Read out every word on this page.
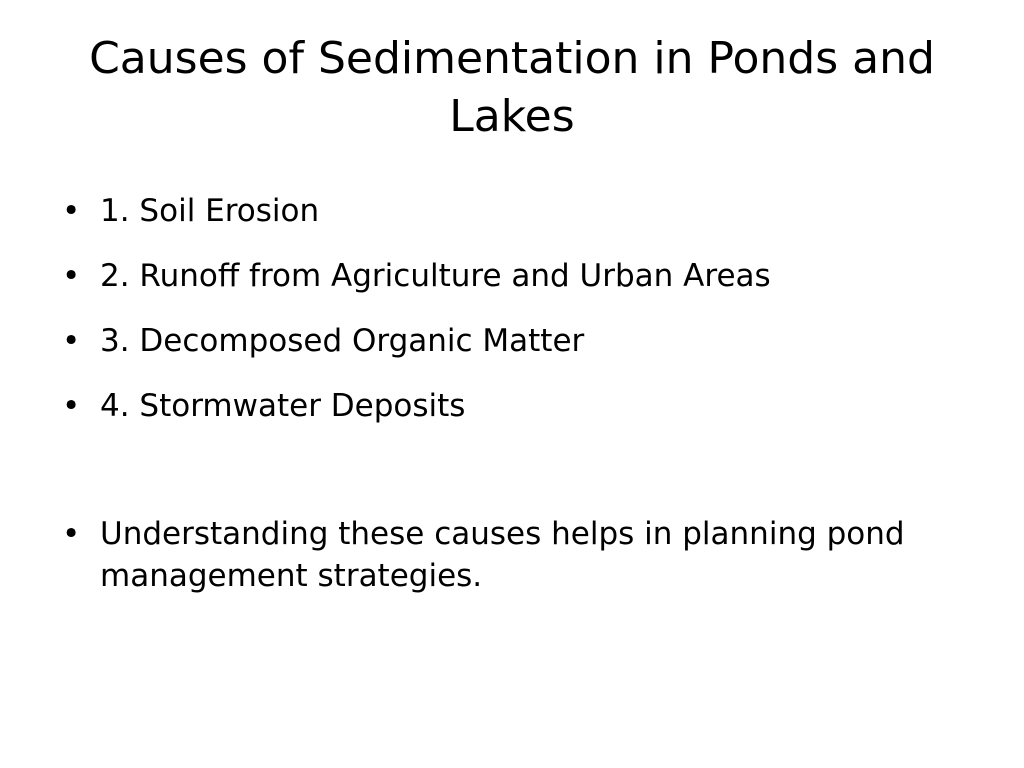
Causes of Sedimentation in Ponds and Lakes
• 1. Soil Erosion
• 2. Runoff from Agriculture and Urban Areas
• 3. Decomposed Organic Matter
• 4. Stormwater Deposits
• Understanding these causes helps in planning pond management strategies.
